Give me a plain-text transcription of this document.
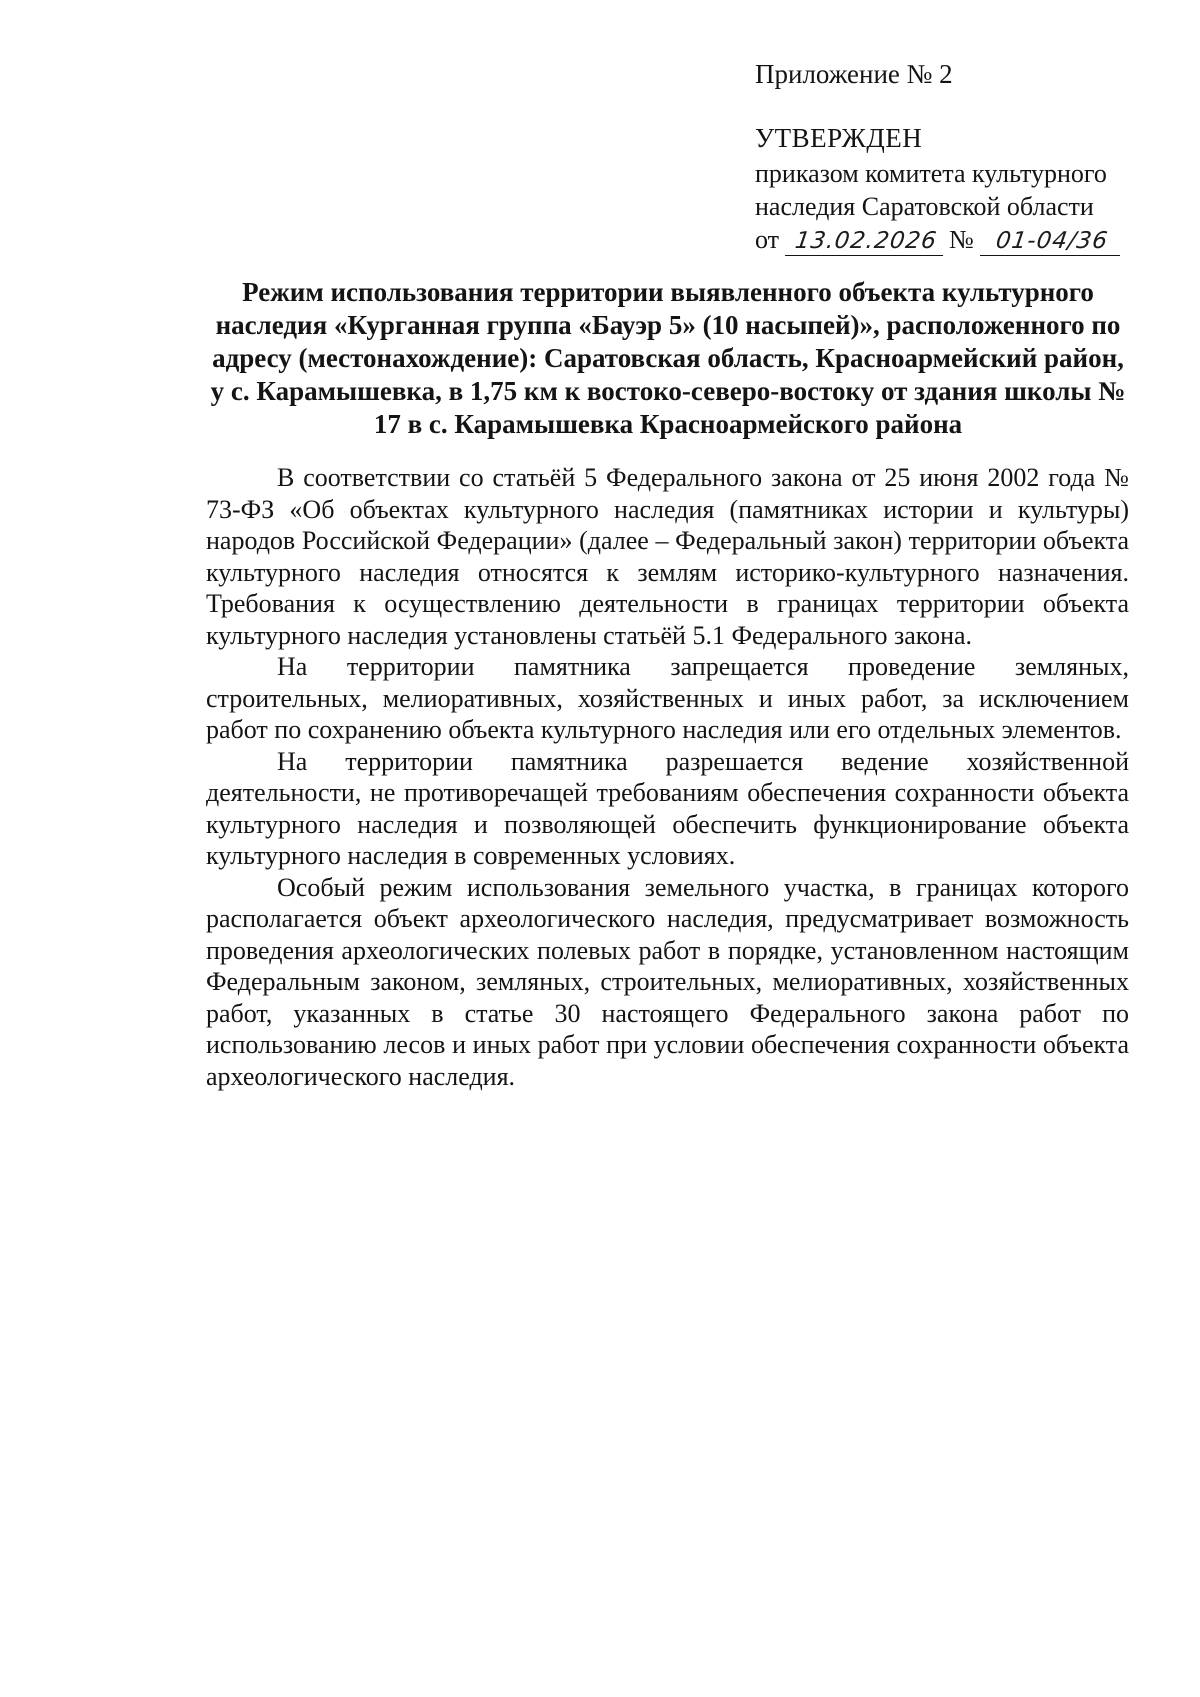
Приложение № 2
УТВЕРЖДЕН
приказом комитета культурного
наследия Саратовской области
от 13.02.2026 № 01-04/36
Режим использования территории выявленного объекта культурного наследия «Курганная группа «Бауэр 5» (10 насыпей)», расположенного по адресу (местонахождение): Саратовская область, Красноармейский район, у с. Карамышевка, в 1,75 км к востоко-северо-востоку от здания школы № 17 в с. Карамышевка Красноармейского района

В соответствии со статьёй 5 Федерального закона от 25 июня 2002 года № 73-ФЗ «Об объектах культурного наследия (памятниках истории и культуры) народов Российской Федерации» (далее – Федеральный закон) территории объекта культурного наследия относятся к землям историко-культурного назначения. Требования к осуществлению деятельности в границах территории объекта культурного наследия установлены статьёй 5.1 Федерального закона.

На территории памятника запрещается проведение земляных, строительных, мелиоративных, хозяйственных и иных работ, за исключением работ по сохранению объекта культурного наследия или его отдельных элементов.

На территории памятника разрешается ведение хозяйственной деятельности, не противоречащей требованиям обеспечения сохранности объекта культурного наследия и позволяющей обеспечить функционирование объекта культурного наследия в современных условиях.

Особый режим использования земельного участка, в границах которого располагается объект археологического наследия, предусматривает возможность проведения археологических полевых работ в порядке, установленном настоящим Федеральным законом, земляных, строительных, мелиоративных, хозяйственных работ, указанных в статье 30 настоящего Федерального закона работ по использованию лесов и иных работ при условии обеспечения сохранности объекта археологического наследия.
